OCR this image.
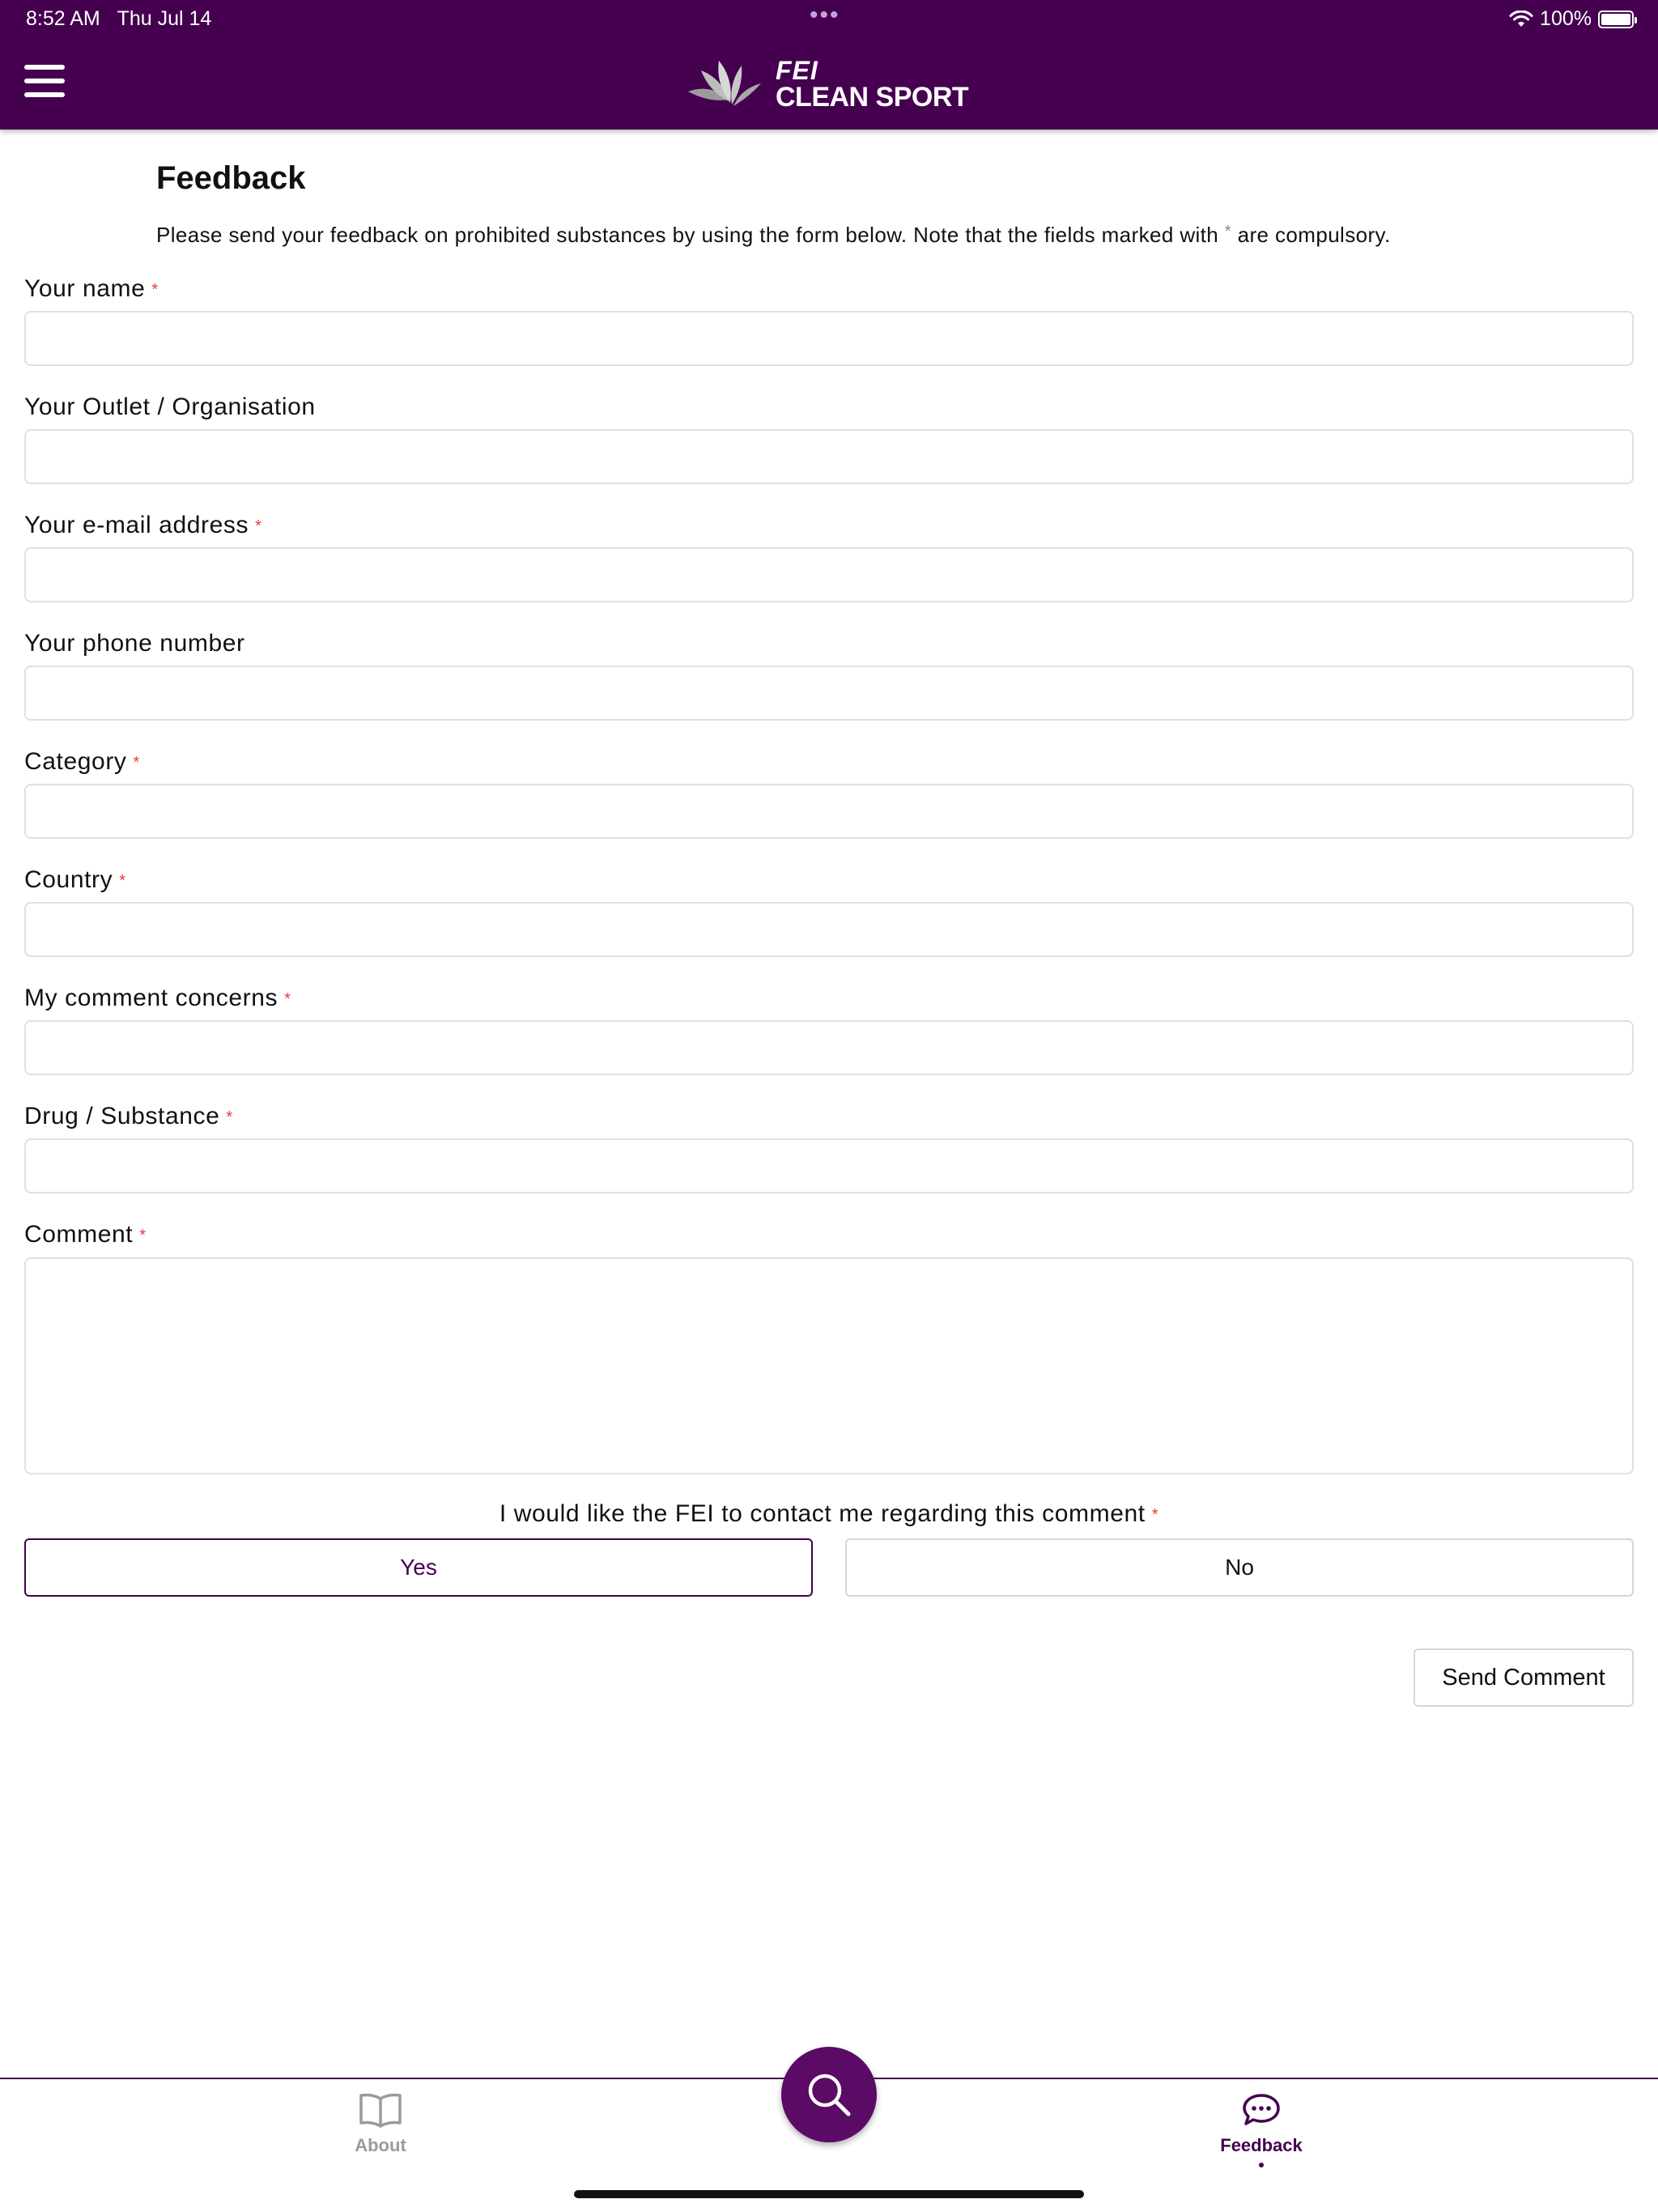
8:52 AM Thu Jul 14	•••	100%
FEI
CLEAN SPORT
Feedback
Please send your feedback on prohibited substances by using the form below. Note that the fields marked with * are compulsory.
Your name *
Your Outlet / Organisation
Your e-mail address *
Your phone number
Category *
Country *
My comment concerns *
Drug / Substance *
Comment *
I would like the FEI to contact me regarding this comment *
Yes	No
Send Comment
About	Feedback
